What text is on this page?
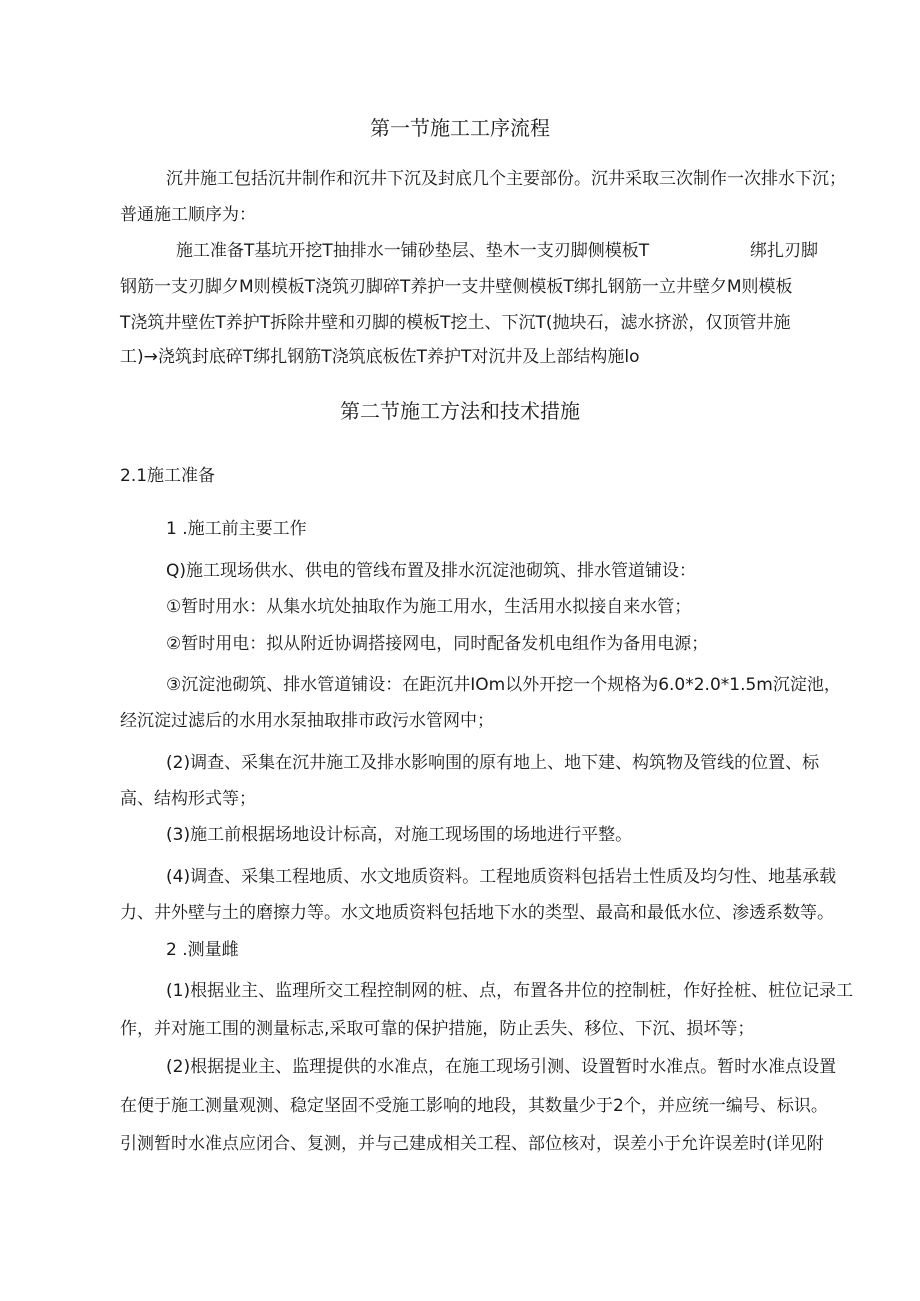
第一节施工工序流程
沉井施工包括沉井制作和沉井下沉及封底几个主要部份。沉井采取三次制作一次排水下沉；
普通施工顺序为：
施工准备T基坑开挖T抽排水一铺砂垫层、垫木一支刃脚侧模板T	绑扎刃脚
钢筋一支刃脚夕M则模板T浇筑刃脚碎T养护一支井壁侧模板T绑扎钢筋一立井壁夕M则模板
T浇筑井壁佐T养护T拆除井壁和刃脚的模板T挖土、下沉T(抛块石，滤水挤淤，仅顶管井施
工)→浇筑封底碎T绑扎钢筋T浇筑底板佐T养护T对沉井及上部结构施lo
第二节施工方法和技术措施
2.1施工准备
1 .施工前主要工作
Q)施工现场供水、供电的管线布置及排水沉淀池砌筑、排水管道铺设：
①暂时用水：从集水坑处抽取作为施工用水，生活用水拟接自来水管；
②暂时用电：拟从附近协调搭接网电，同时配备发机电组作为备用电源；
③沉淀池砌筑、排水管道铺设：在距沉井IOm以外开挖一个规格为6.0*2.0*1.5m沉淀池，
经沉淀过滤后的水用水泵抽取排市政污水管网中；
(2)调查、采集在沉井施工及排水影响围的原有地上、地下建、构筑物及管线的位置、标
高、结构形式等；
(3)施工前根据场地设计标高，对施工现场围的场地进行平整。
(4)调查、采集工程地质、水文地质资料。工程地质资料包括岩土性质及均匀性、地基承载
力、井外壁与土的磨擦力等。水文地质资料包括地下水的类型、最高和最低水位、渗透系数等。
2 .测量雌
(1)根据业主、监理所交工程控制网的桩、点，布置各井位的控制桩，作好拴桩、桩位记录工
作，并对施工围的测量标志,采取可靠的保护措施，防止丢失、移位、下沉、损坏等；
(2)根据提业主、监理提供的水准点，在施工现场引测、设置暂时水准点。暂时水准点设置
在便于施工测量观测、稳定坚固不受施工影响的地段，其数量少于2个，并应统一编号、标识。
引测暂时水准点应闭合、复测，并与己建成相关工程、部位核对，误差小于允许误差时(详见附
